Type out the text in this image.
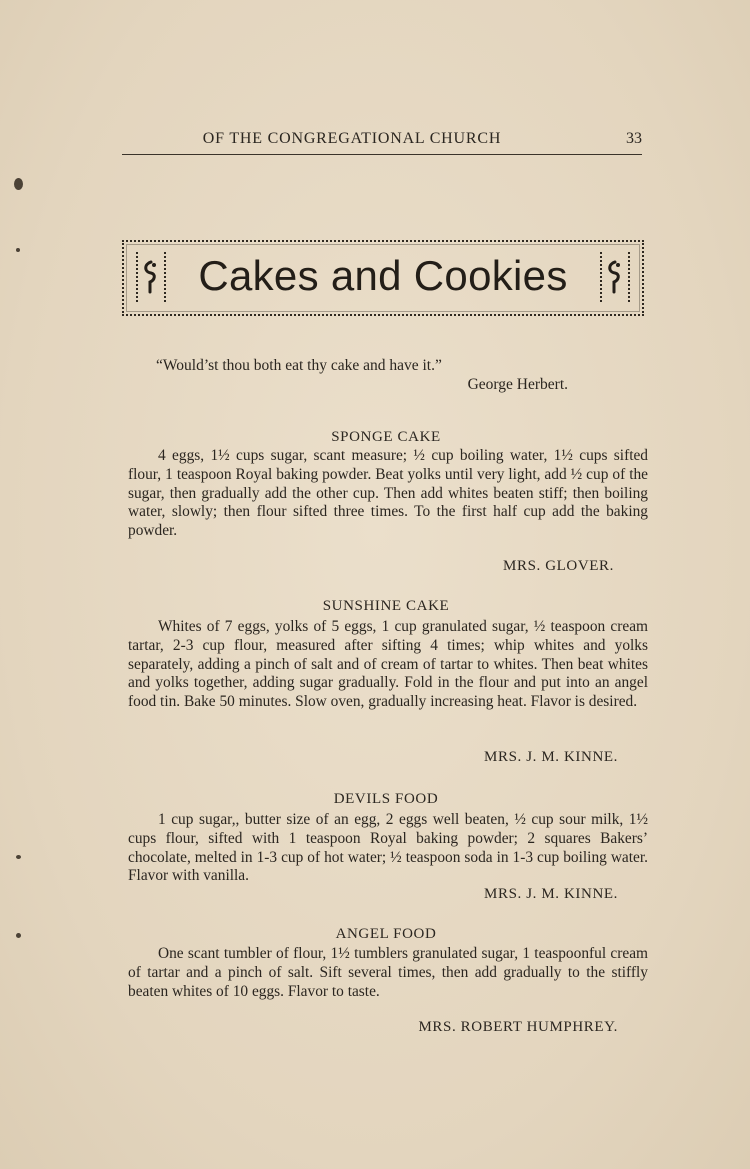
OF THE CONGREGATIONAL CHURCH	33
Cakes and Cookies
“Would’st thou both eat thy cake and have it.”
George Herbert.
SPONGE CAKE

4 eggs, 1½ cups sugar, scant measure; ½ cup boiling water, 1½ cups sifted flour, 1 teaspoon Royal baking powder. Beat yolks until very light, add ½ cup of the sugar, then gradually add the other cup. Then add whites beaten stiff; then boiling water, slowly; then flour sifted three times. To the first half cup add the baking powder.

MRS. GLOVER.
SUNSHINE CAKE

Whites of 7 eggs, yolks of 5 eggs, 1 cup granulated sugar, ½ teaspoon cream tartar, 2-3 cup flour, measured after sifting 4 times; whip whites and yolks separately, adding a pinch of salt and of cream of tartar to whites. Then beat whites and yolks together, adding sugar gradually. Fold in the flour and put into an angel food tin. Bake 50 minutes. Slow oven, gradually increasing heat. Flavor is desired.

MRS. J. M. KINNE.
DEVILS FOOD

1 cup sugar,, butter size of an egg, 2 eggs well beaten, ½ cup sour milk, 1½ cups flour, sifted with 1 teaspoon Royal baking powder; 2 squares Bakers’ chocolate, melted in 1-3 cup of hot water; ½ teaspoon soda in 1-3 cup boiling water. Flavor with vanilla.

MRS. J. M. KINNE.
ANGEL FOOD

One scant tumbler of flour, 1½ tumblers granulated sugar, 1 teaspoonful cream of tartar and a pinch of salt. Sift several times, then add gradually to the stiffly beaten whites of 10 eggs. Flavor to taste.

MRS. ROBERT HUMPHREY.
